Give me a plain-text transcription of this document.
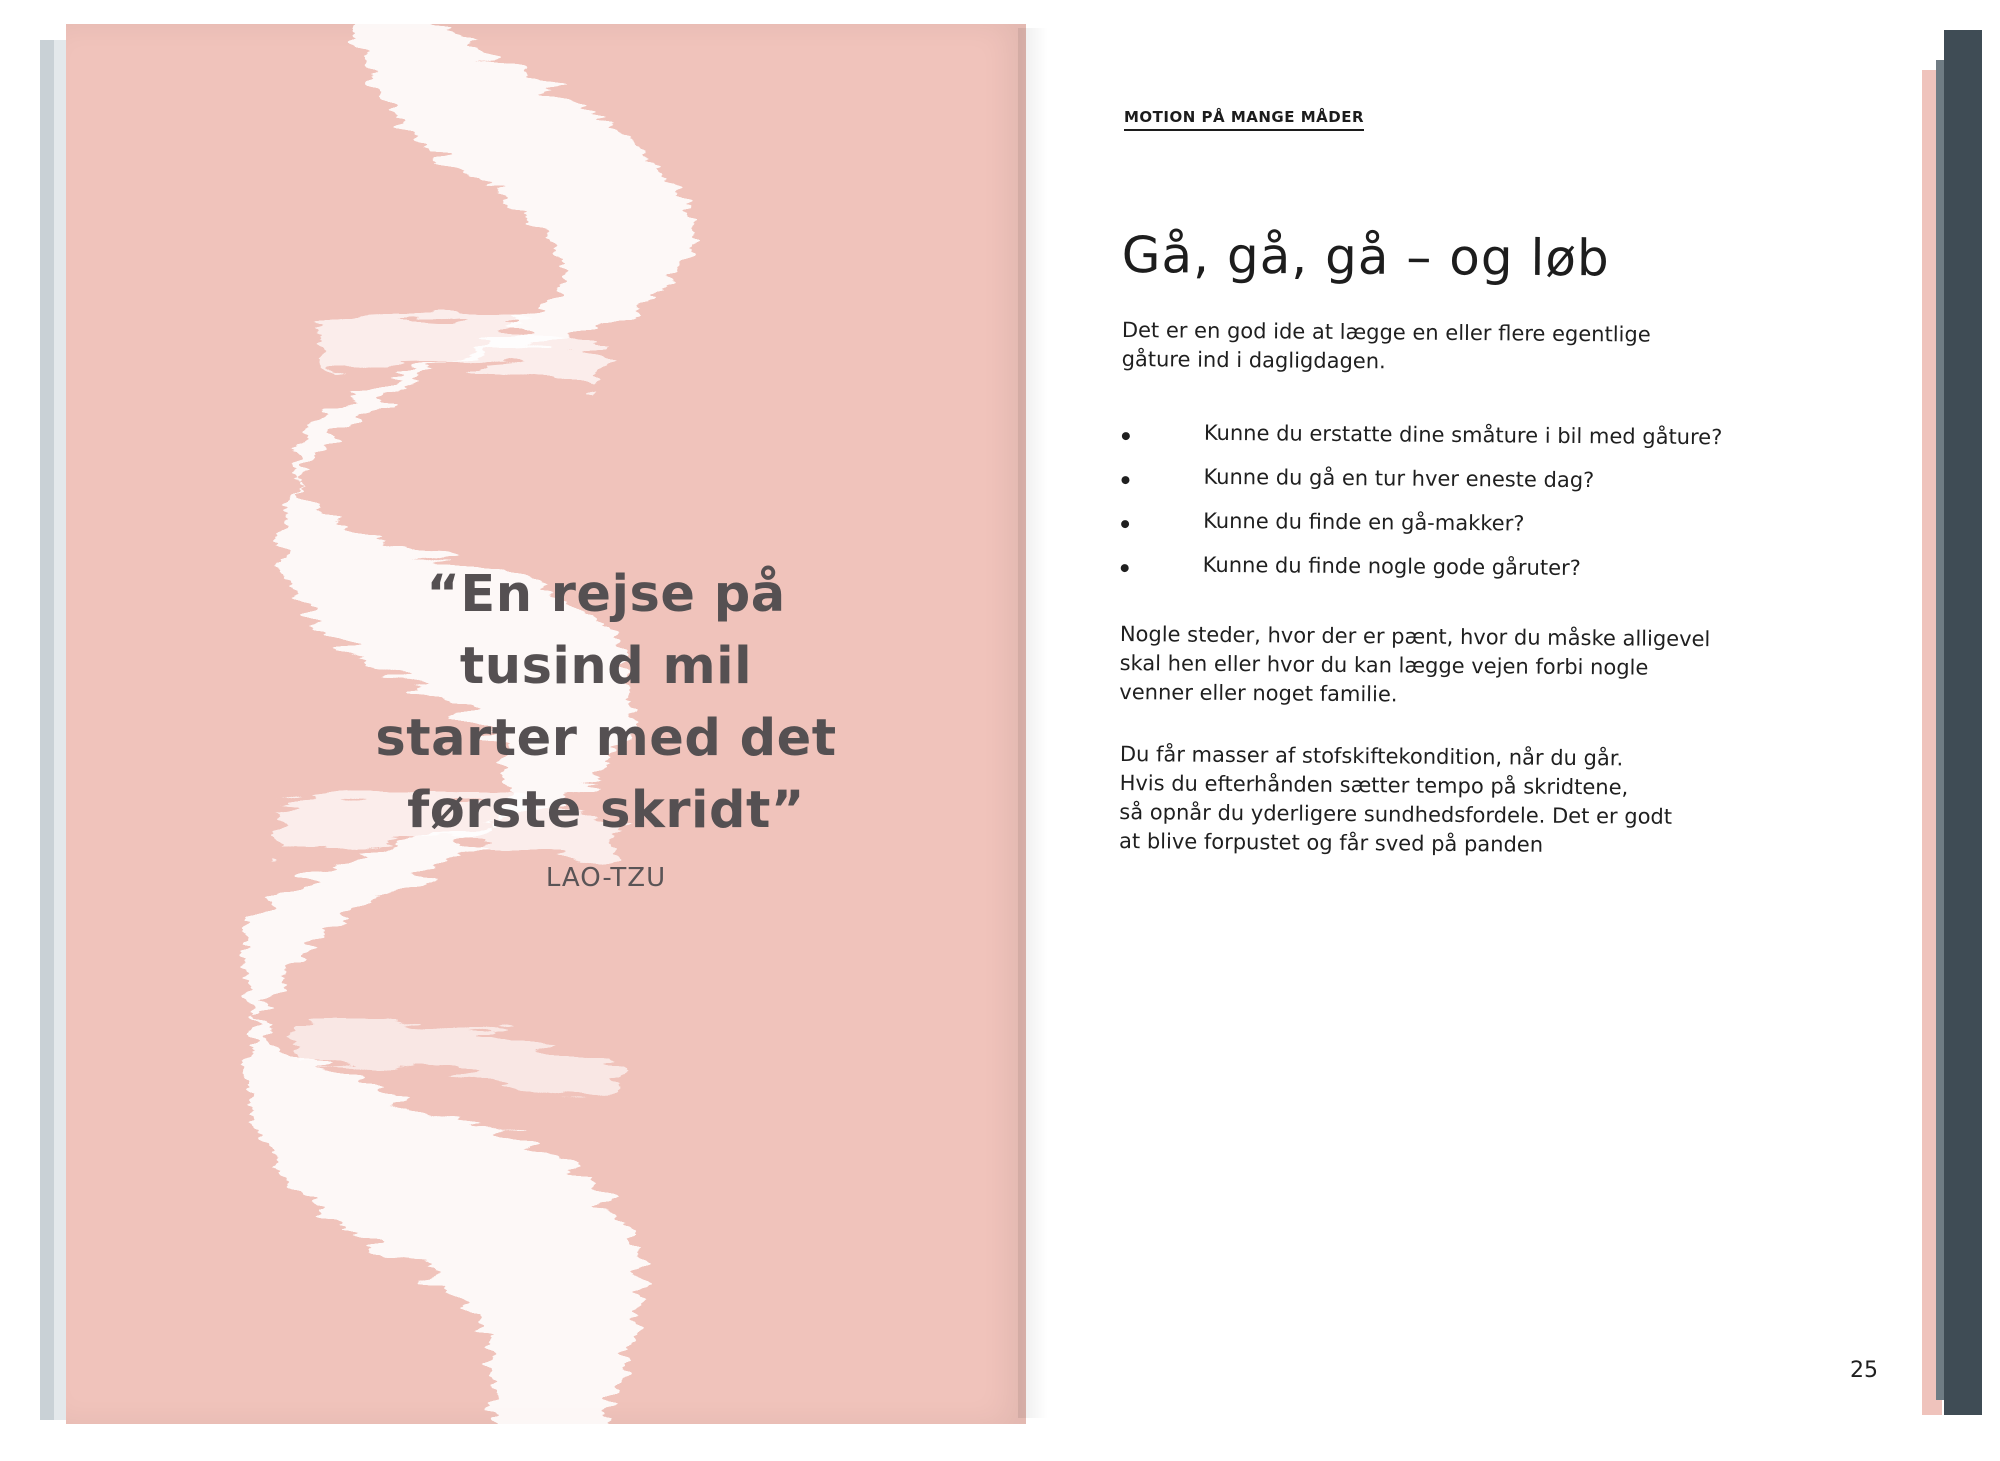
“En rejse på
tusind mil
starter med det
første skridt”
LAO-TZU
MOTION PÅ MANGE MÅDER
Gå, gå, gå – og løb
Det er en god ide at lægge en eller flere egentlige
gåture ind i dagligdagen.
Kunne du erstatte dine småture i bil med gåture?
Kunne du gå en tur hver eneste dag?
Kunne du finde en gå-makker?
Kunne du finde nogle gode gåruter?
Nogle steder, hvor der er pænt, hvor du måske alligevel
skal hen eller hvor du kan lægge vejen forbi nogle
venner eller noget familie.
Du får masser af stofskiftekondition, når du går.
Hvis du efterhånden sætter tempo på skridtene,
så opnår du yderligere sundhedsfordele. Det er godt
at blive forpustet og får sved på panden
25
